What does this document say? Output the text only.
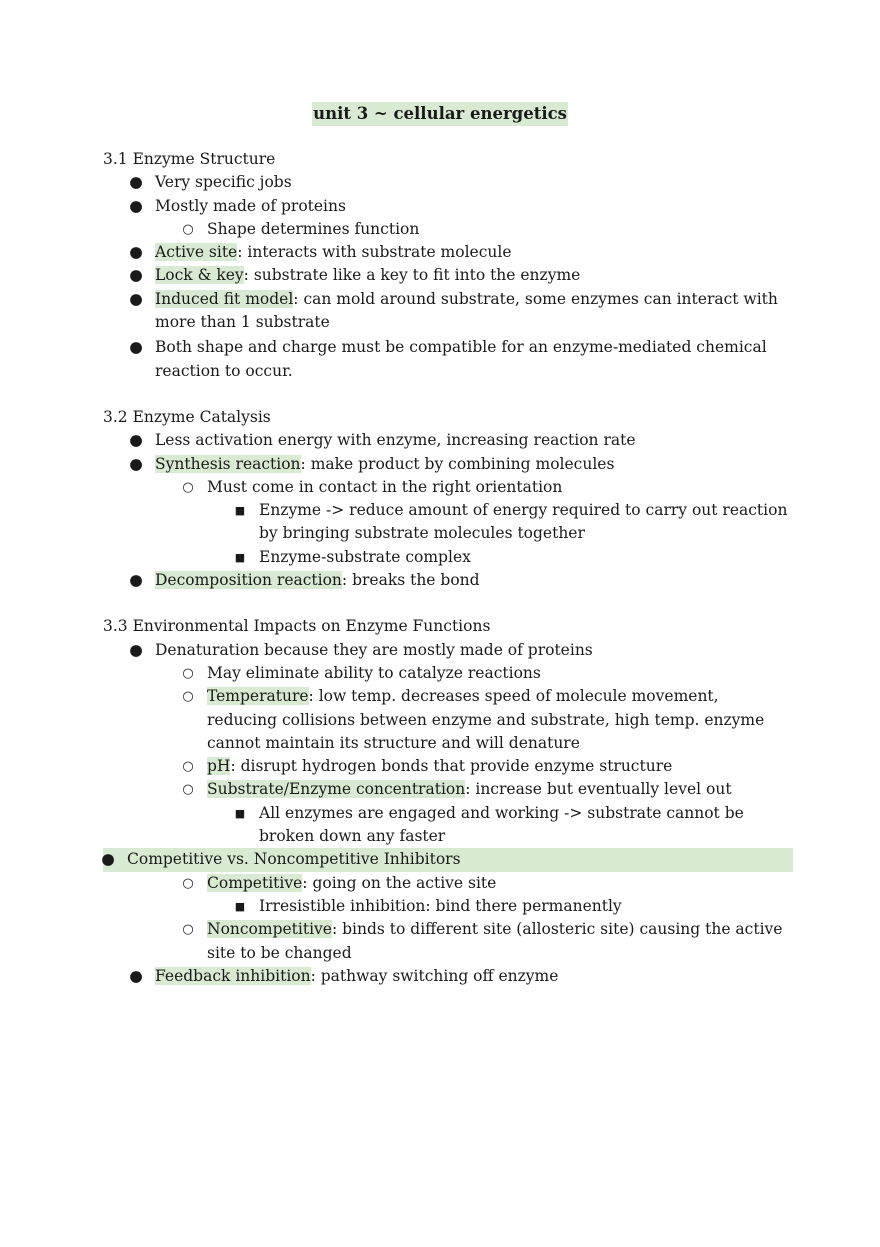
unit 3 ~ cellular energetics
3.1 Enzyme Structure
● Very specific jobs
● Mostly made of proteins
○ Shape determines function
● Active site: interacts with substrate molecule
● Lock & key: substrate like a key to fit into the enzyme
● Induced fit model: can mold around substrate, some enzymes can interact with more than 1 substrate
● Both shape and charge must be compatible for an enzyme-mediated chemical reaction to occur.
3.2 Enzyme Catalysis
● Less activation energy with enzyme, increasing reaction rate
● Synthesis reaction: make product by combining molecules
○ Must come in contact in the right orientation
■ Enzyme -> reduce amount of energy required to carry out reaction by bringing substrate molecules together
■ Enzyme-substrate complex
● Decomposition reaction: breaks the bond
3.3 Environmental Impacts on Enzyme Functions
● Denaturation because they are mostly made of proteins
○ May eliminate ability to catalyze reactions
○ Temperature: low temp. decreases speed of molecule movement, reducing collisions between enzyme and substrate, high temp. enzyme cannot maintain its structure and will denature
○ pH: disrupt hydrogen bonds that provide enzyme structure
○ Substrate/Enzyme concentration: increase but eventually level out
■ All enzymes are engaged and working -> substrate cannot be broken down any faster
● Competitive vs. Noncompetitive Inhibitors
○ Competitive: going on the active site
■ Irresistible inhibition: bind there permanently
○ Noncompetitive: binds to different site (allosteric site) causing the active site to be changed
● Feedback inhibition: pathway switching off enzyme
